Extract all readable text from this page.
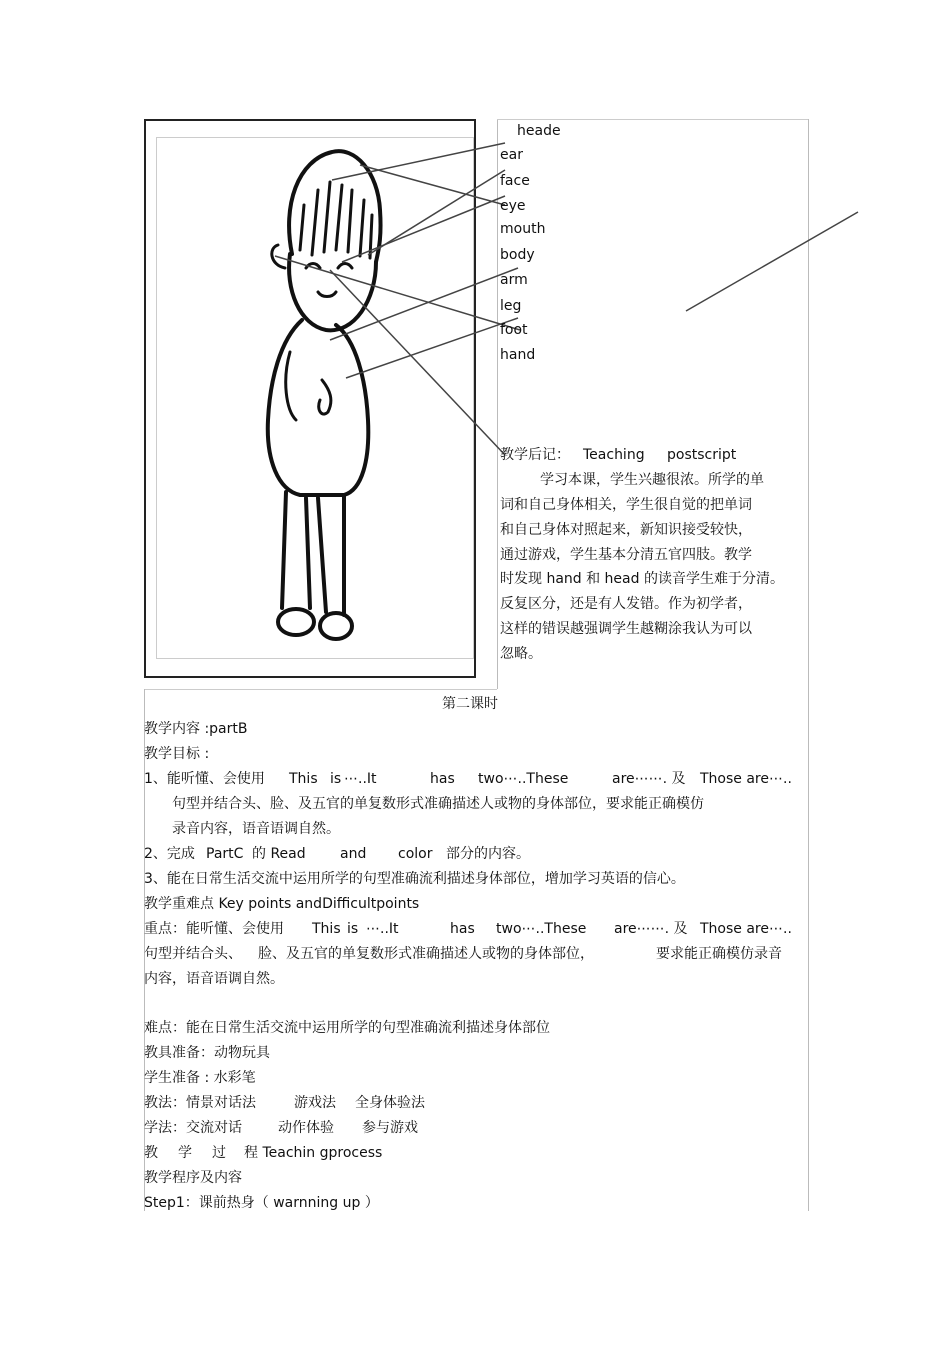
heade
ear
face
eye
mouth
body
arm
leg
foot
hand
教学后记： Teaching postscript
学习本课，学生兴趣很浓。所学的单
词和自己身体相关，学生很自觉的把单词
和自己身体对照起来，新知识接受较快，
通过游戏，学生基本分清五官四肢。教学
时发现 hand 和 head 的读音学生难于分清。
反复区分，还是有人发错。作为初学者，
这样的错误越强调学生越糊涂我认为可以
忽略。
第二课时
教学内容 :partB
教学目标 :
1、能听懂、会使用 This is ⋯..It	has two⋯..These	are⋯⋯. 及 Those are⋯..
句型并结合头、脸、及五官的单复数形式准确描述人或物的身体部位，要求能正确模仿
录音内容，语音语调自然。
2、完成 PartC 的 Read and color 部分的内容。
3、能在日常生活交流中运用所学的句型准确流利描述身体部位，增加学习英语的信心。
教学重难点 Key points andDifficultpoints
重点：能听懂、会使用 This is ⋯..It	has two⋯..These are⋯⋯. 及 Those are⋯..
句型并结合头、 脸、及五官的单复数形式准确描述人或物的身体部位，	要求能正确模仿录音
内容，语音语调自然。
难点：能在日常生活交流中运用所学的句型准确流利描述身体部位
教具准备：动物玩具
学生准备 : 水彩笔
教法：情景对话法	游戏法 全身体验法
学法：交流对话	动作体验 参与游戏
教 学 过 程 Teachin gprocess
教学程序及内容
Step1：课前热身（ warnning up ）
